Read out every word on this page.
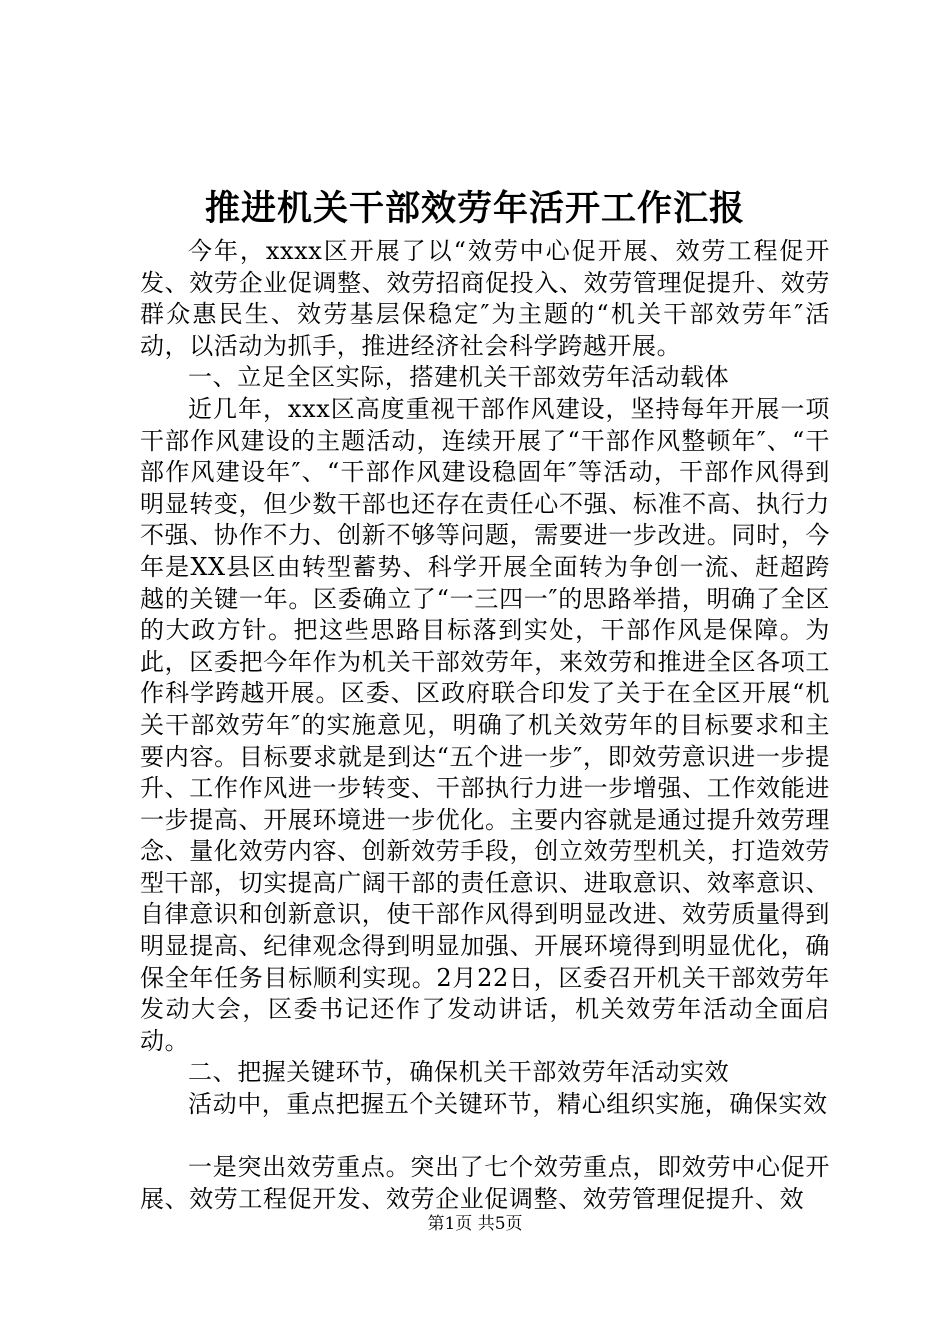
推进机关干部效劳年活开工作汇报

今年，xxxx区开展了以“效劳中心促开展、效劳工程促开发、效劳企业促调整、效劳招商促投入、效劳管理促提升、效劳群众惠民生、效劳基层保稳定″为主题的“机关干部效劳年″活动，以活动为抓手，推进经济社会科学跨越开展。

一、立足全区实际，搭建机关干部效劳年活动载体

近几年，xxx区高度重视干部作风建设，坚持每年开展一项干部作风建设的主题活动，连续开展了“干部作风整顿年″、“干部作风建设年″、“干部作风建设稳固年″等活动，干部作风得到明显转变，但少数干部也还存在责任心不强、标准不高、执行力不强、协作不力、创新不够等问题，需要进一步改进。同时，今年是XX县区由转型蓄势、科学开展全面转为争创一流、赶超跨越的关键一年。区委确立了“一三四一″的思路举措，明确了全区的大政方针。把这些思路目标落到实处，干部作风是保障。为此，区委把今年作为机关干部效劳年，来效劳和推进全区各项工作科学跨越开展。区委、区政府联合印发了关于在全区开展“机关干部效劳年″的实施意见，明确了机关效劳年的目标要求和主要内容。目标要求就是到达“五个进一步″，即效劳意识进一步提升、工作作风进一步转变、干部执行力进一步增强、工作效能进一步提高、开展环境进一步优化。主要内容就是通过提升效劳理念、量化效劳内容、创新效劳手段，创立效劳型机关，打造效劳型干部，切实提高广阔干部的责任意识、进取意识、效率意识、自律意识和创新意识，使干部作风得到明显改进、效劳质量得到明显提高、纪律观念得到明显加强、开展环境得到明显优化，确保全年任务目标顺利实现。2月22日，区委召开机关干部效劳年发动大会，区委书记还作了发动讲话，机关效劳年活动全面启动。

二、把握关键环节，确保机关干部效劳年活动实效

活动中，重点把握五个关键环节，精心组织实施，确保实效

一是突出效劳重点。突出了七个效劳重点，即效劳中心促开展、效劳工程促开发、效劳企业促调整、效劳管理促提升、效

第1页 共5页
